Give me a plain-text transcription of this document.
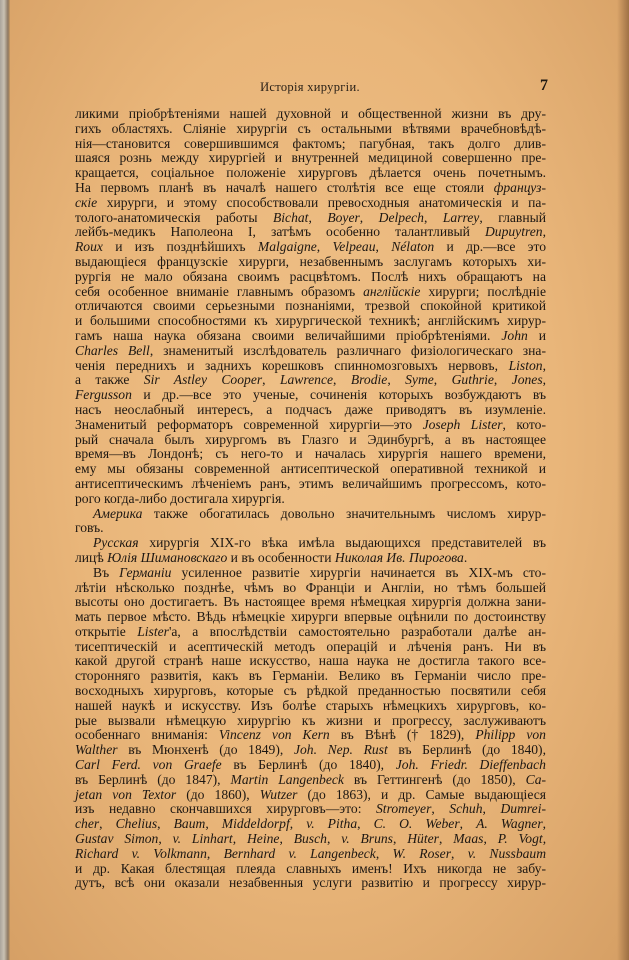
Исторія хирургіи.	7
ликими пріобрѣтеніями нашей духовной и общественной жизни въ дру-
гихъ областяхъ. Сліяніе хирургіи съ остальными вѣтвями врачебновѣдѣ-
нія—становится совершившимся фактомъ; пагубная, такъ долго длив-
шаяся рознь между хирургіей и внутренней медициной совершенно пре-
кращается, соціальное положеніе хирурговъ дѣлается очень почетнымъ.
На первомъ планѣ въ началѣ нашего столѣтія все еще стояли француз-
скіе хирурги, и этому способствовали превосходныя анатомическія и па-
толого-анатомическія работы Bichat, Boyer, Delpech, Larrey, главный
лейбъ-медикъ Наполеона I, затѣмъ особенно талантливый Dupuytren,
Roux и изъ позднѣйшихъ Malgaigne, Velpeau, Nélaton и др.—все это
выдающіеся французскіе хирурги, незабвеннымъ заслугамъ которыхъ хи-
рургія не мало обязана своимъ расцвѣтомъ. Послѣ нихъ обращаютъ на
себя особенное вниманіе главнымъ образомъ англійскіе хирурги; послѣдніе
отличаются своими серьезными познаніями, трезвой спокойной критикой
и большими способностями къ хирургической техникѣ; англійскимъ хирур-
гамъ наша наука обязана своими величайшими пріобрѣтеніями. John и
Charles Bell, знаменитый изслѣдователь различнаго физіологическаго зна-
ченія переднихъ и заднихъ корешковъ спинномозговыхъ нервовъ, Liston,
а также Sir Astley Cooper, Lawrence, Brodie, Syme, Guthrie, Jones,
Fergusson и др.—все это ученые, сочиненія которыхъ возбуждаютъ въ
насъ неослабный интересъ, а подчасъ даже приводятъ въ изумленіе.
Знаменитый реформаторъ современной хирургіи—это Joseph Lister, кото-
рый сначала былъ хирургомъ въ Глазго и Эдинбургѣ, а въ настоящее
время—въ Лондонѣ; съ него-то и началась хирургія нашего времени,
ему мы обязаны современной антисептической оперативной техникой и
антисептическимъ лѣченіемъ ранъ, этимъ величайшимъ прогрессомъ, кото-
рого когда-либо достигала хирургія.
Америка также обогатилась довольно значительнымъ числомъ хирур-
говъ.
Русская хирургія XIX-го вѣка имѣла выдающихся представителей въ
лицѣ Юлія Шимановскаго и въ особенности Николая Ив. Пирогова.
Въ Германіи усиленное развитіе хирургіи начинается въ XIX-мъ сто-
лѣтіи нѣсколько позднѣе, чѣмъ во Франціи и Англіи, но тѣмъ большей
высоты оно достигаетъ. Въ настоящее время нѣмецкая хирургія должна зани-
мать первое мѣсто. Вѣдь нѣмецкіе хирурги впервые оцѣнили по достоинству
открытіе Lister'а, а впослѣдствіи самостоятельно разработали далѣе ан-
тисептическій и асептическій методъ операцій и лѣченія ранъ. Ни въ
какой другой странѣ наше искусство, наша наука не достигла такого все-
сторонняго развитія, какъ въ Германіи. Велико въ Германіи число пре-
восходныхъ хирурговъ, которые съ рѣдкой преданностью посвятили себя
нашей наукѣ и искусству. Изъ болѣе старыхъ нѣмецкихъ хирурговъ, ко-
рые вызвали нѣмецкую хирургію къ жизни и прогрессу, заслуживаютъ
особеннаго вниманія: Vincenz von Kern въ Вѣнѣ († 1829), Philipp von
Walther въ Мюнхенѣ (до 1849), Joh. Nep. Rust въ Берлинѣ (до 1840),
Carl Ferd. von Graefe въ Берлинѣ (до 1840), Joh. Friedr. Dieffenbach
въ Берлинѣ (до 1847), Martin Langenbeck въ Геттингенѣ (до 1850), Ca-
jetan von Textor (до 1860), Wutzer (до 1863), и др. Самые выдающіеся
изъ недавно скончавшихся хирурговъ—это: Stromeyer, Schuh, Dumrei-
cher, Chelius, Baum, Middeldorpf, v. Pitha, C. O. Weber, A. Wagner,
Gustav Simon, v. Linhart, Heine, Busch, v. Bruns, Hüter, Maas, P. Vogt,
Richard v. Volkmann, Bernhard v. Langenbeck, W. Roser, v. Nussbaum
и др. Какая блестящая плеяда славныхъ именъ! Ихъ никогда не забу-
дутъ, всѣ они оказали незабвенныя услуги развитію и прогрессу хирур-
